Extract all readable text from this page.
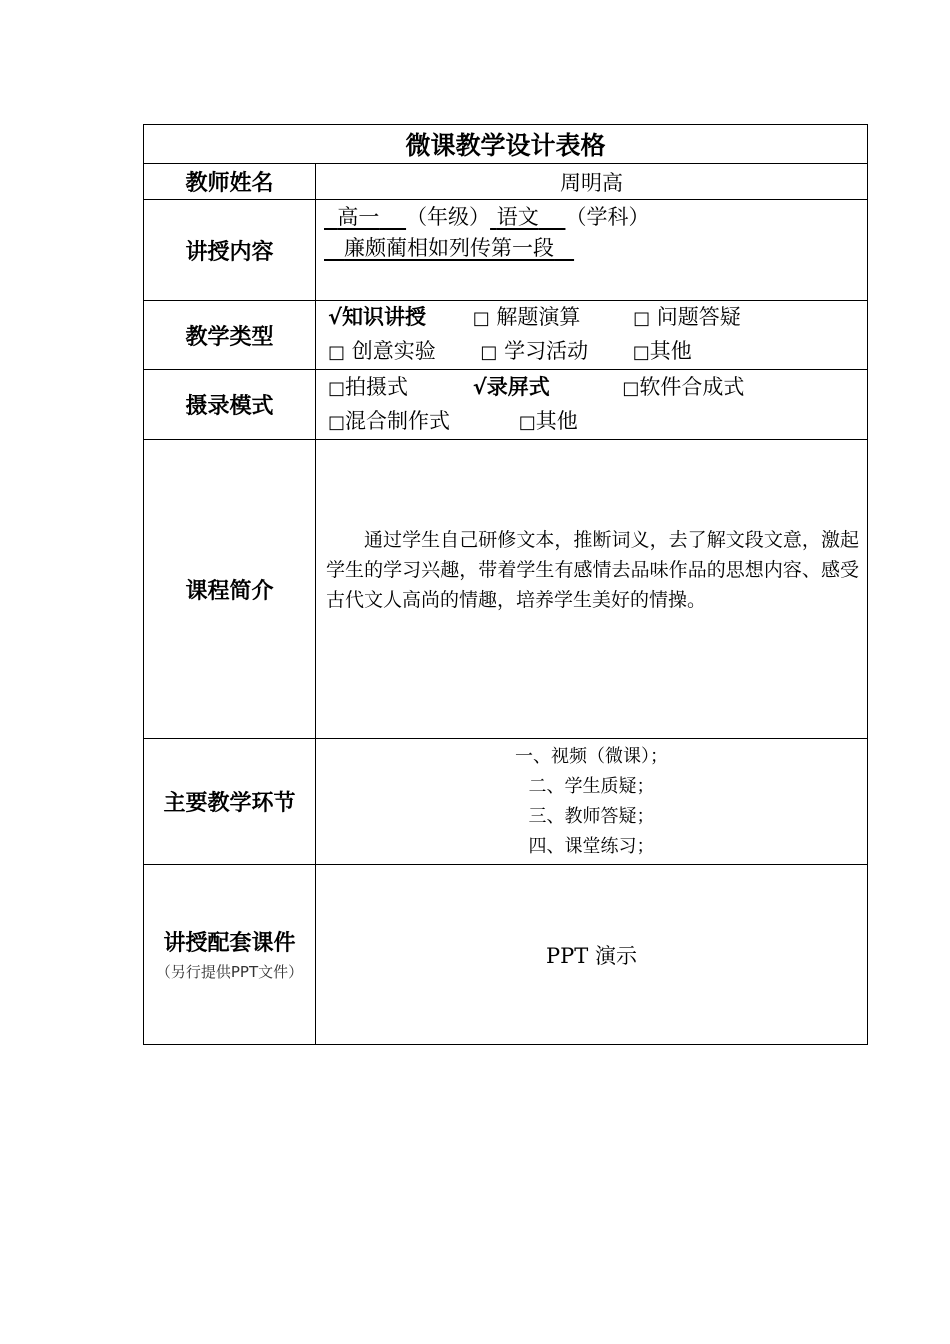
微课教学设计表格	
教师姓名	周明高
讲授内容	高一 （年级） 语文 （学科）
廉颇蔺相如列传第一段

教学类型	√知识讲授 □ 解题演算 □ 问题答疑
□ 创意实验 □ 学习活动 □其他

摄录模式	□拍摄式 √录屏式 □软件合成式
□混合制作式 □其他

课程简介	通过学生自己研修文本，推断词义，去了解文段文意，激起学生的学习兴趣，带着学生有感情去品味作品的思想内容、感受古代文人高尚的情趣，培养学生美好的情操。

主要教学环节	一、视频（微课）；
二、学生质疑；
三、教师答疑；
四、课堂练习；

讲授配套课件
（另行提供PPT文件）	PPT 演示
